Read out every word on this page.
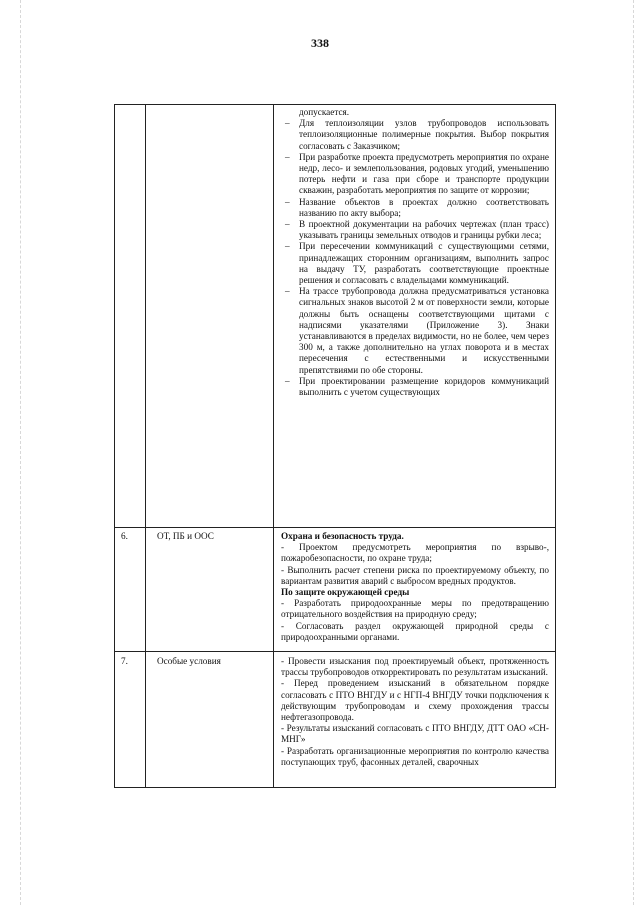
338

допускается.

– Для теплоизоляции узлов трубопроводов использовать теплоизоляционные полимерные покрытия. Выбор покрытия согласовать с Заказчиком;

– При разработке проекта предусмотреть мероприятия по охране недр, лесо- и землепользования, родовых угодий, уменьшению потерь нефти и газа при сборе и транспорте продукции скважин, разработать мероприятия по защите от коррозии;

– Название объектов в проектах должно соответствовать названию по акту выбора;

– В проектной документации на рабочих чертежах (план трасс) указывать границы земельных отводов и границы рубки леса;

– При пересечении коммуникаций с существующими сетями, принадлежащих сторонним организациям, выполнить запрос на выдачу ТУ, разработать соответствующие проектные решения и согласовать с владельцами коммуникаций.

– На трассе трубопровода должна предусматриваться установка сигнальных знаков высотой 2 м от поверхности земли, которые должны быть оснащены соответствующими щитами с надписями указателями (Приложение 3). Знаки устанавливаются в пределах видимости, но не более, чем через 300 м, а также дополнительно на углах поворота и в местах пересечения с естественными и искусственными препятствиями по обе стороны.

– При проектировании размещение коридоров коммуникаций выполнить с учетом существующих

6.	ОТ, ПБ и ООС	Охрана и безопасность труда.

- Проектом предусмотреть мероприятия по взрыво-, пожаробезопасности, по охране труда;

- Выполнить расчет степени риска по проектируемому объекту, по вариантам развития аварий с выбросом вредных продуктов.

По защите окружающей среды

- Разработать природоохранные меры по предотвращению отрицательного воздействия на природную среду;

- Согласовать раздел окружающей природной среды с природоохранными органами.

7.	Особые условия	- Провести изыскания под проектируемый объект, протяженность трассы трубопроводов откорректировать по результатам изысканий.

- Перед проведением изысканий в обязательном порядке согласовать с ПТО ВНГДУ и с НГП-4 ВНГДУ точки подключения к действующим трубопроводам и схему прохождения трассы нефтегазопровода.

- Результаты изысканий согласовать с ПТО ВНГДУ, ДТТ ОАО «СН-МНГ»

- Разработать организационные мероприятия по контролю качества поступающих труб, фасонных деталей, сварочных
